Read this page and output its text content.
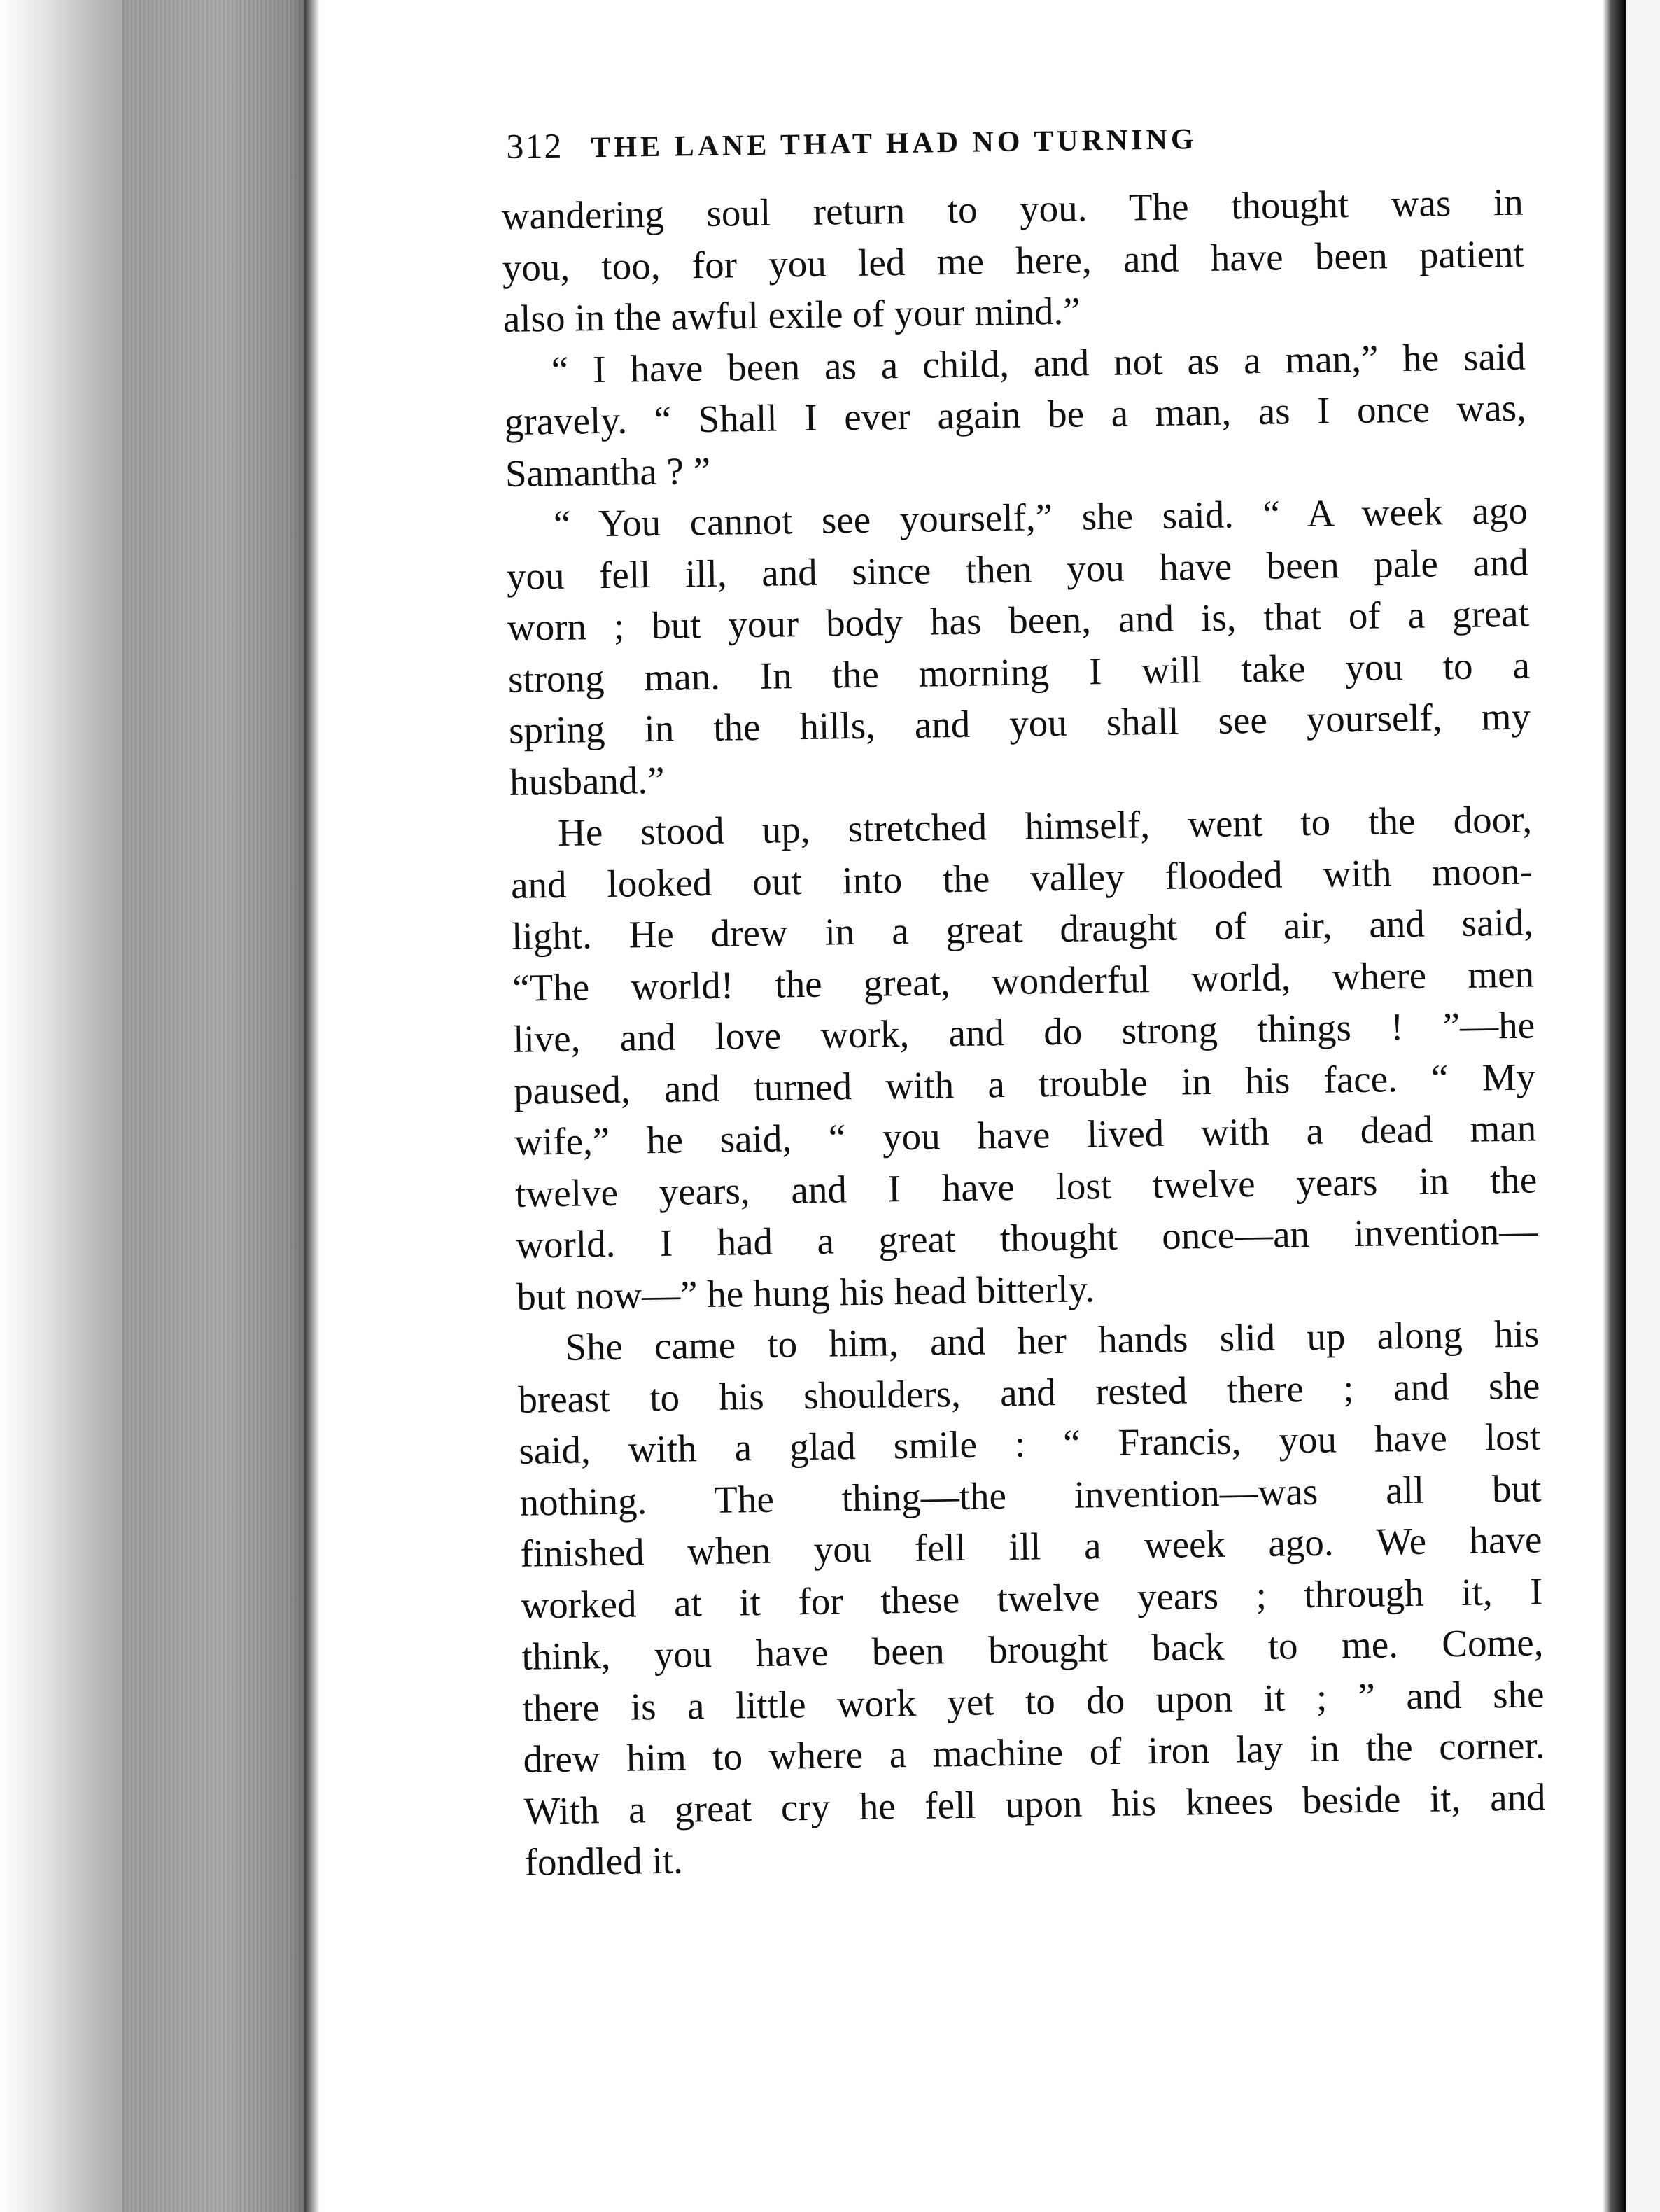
312 THE LANE THAT HAD NO TURNING
wandering soul return to you. The thought was in
you, too, for you led me here, and have been patient
also in the awful exile of your mind.”
“ I have been as a child, and not as a man,” he said
gravely. “ Shall I ever again be a man, as I once was,
Samantha ? ”
“ You cannot see yourself,” she said. “ A week ago
you fell ill, and since then you have been pale and
worn ; but your body has been, and is, that of a great
strong man. In the morning I will take you to a
spring in the hills, and you shall see yourself, my
husband.”
He stood up, stretched himself, went to the door,
and looked out into the valley flooded with moon-
light. He drew in a great draught of air, and said,
“The world! the great, wonderful world, where men
live, and love work, and do strong things ! ”—he
paused, and turned with a trouble in his face. “ My
wife,” he said, “ you have lived with a dead man
twelve years, and I have lost twelve years in the
world. I had a great thought once—an invention—
but now—” he hung his head bitterly.
She came to him, and her hands slid up along his
breast to his shoulders, and rested there ; and she
said, with a glad smile : “ Francis, you have lost
nothing. The thing—the invention—was all but
finished when you fell ill a week ago. We have
worked at it for these twelve years ; through it, I
think, you have been brought back to me. Come,
there is a little work yet to do upon it ; ” and she
drew him to where a machine of iron lay in the corner.
With a great cry he fell upon his knees beside it, and
fondled it.
